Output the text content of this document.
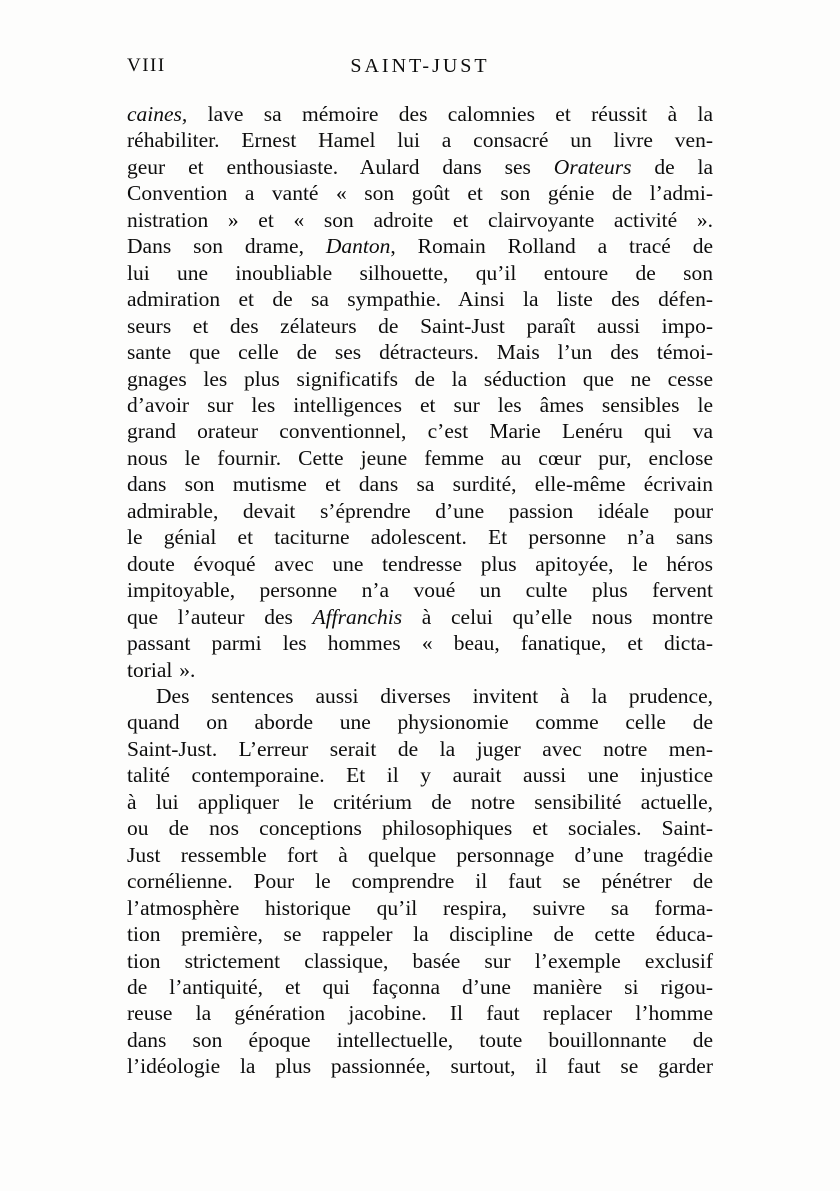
VIII	SAINT-JUST
caines, lave sa mémoire des calomnies et réussit à la
réhabiliter. Ernest Hamel lui a consacré un livre ven-
geur et enthousiaste. Aulard dans ses Orateurs de la
Convention a vanté « son goût et son génie de l’admi-
nistration » et « son adroite et clairvoyante activité ».
Dans son drame, Danton, Romain Rolland a tracé de
lui une inoubliable silhouette, qu’il entoure de son
admiration et de sa sympathie. Ainsi la liste des défen-
seurs et des zélateurs de Saint-Just paraît aussi impo-
sante que celle de ses détracteurs. Mais l’un des témoi-
gnages les plus significatifs de la séduction que ne cesse
d’avoir sur les intelligences et sur les âmes sensibles le
grand orateur conventionnel, c’est Marie Lenéru qui va
nous le fournir. Cette jeune femme au cœur pur, enclose
dans son mutisme et dans sa surdité, elle-même écrivain
admirable, devait s’éprendre d’une passion idéale pour
le génial et taciturne adolescent. Et personne n’a sans
doute évoqué avec une tendresse plus apitoyée, le héros
impitoyable, personne n’a voué un culte plus fervent
que l’auteur des Affranchis à celui qu’elle nous montre
passant parmi les hommes « beau, fanatique, et dicta-
torial ».
Des sentences aussi diverses invitent à la prudence,
quand on aborde une physionomie comme celle de
Saint-Just. L’erreur serait de la juger avec notre men-
talité contemporaine. Et il y aurait aussi une injustice
à lui appliquer le critérium de notre sensibilité actuelle,
ou de nos conceptions philosophiques et sociales. Saint-
Just ressemble fort à quelque personnage d’une tragédie
cornélienne. Pour le comprendre il faut se pénétrer de
l’atmosphère historique qu’il respira, suivre sa forma-
tion première, se rappeler la discipline de cette éduca-
tion strictement classique, basée sur l’exemple exclusif
de l’antiquité, et qui façonna d’une manière si rigou-
reuse la génération jacobine. Il faut replacer l’homme
dans son époque intellectuelle, toute bouillonnante de
l’idéologie la plus passionnée, surtout, il faut se garder
